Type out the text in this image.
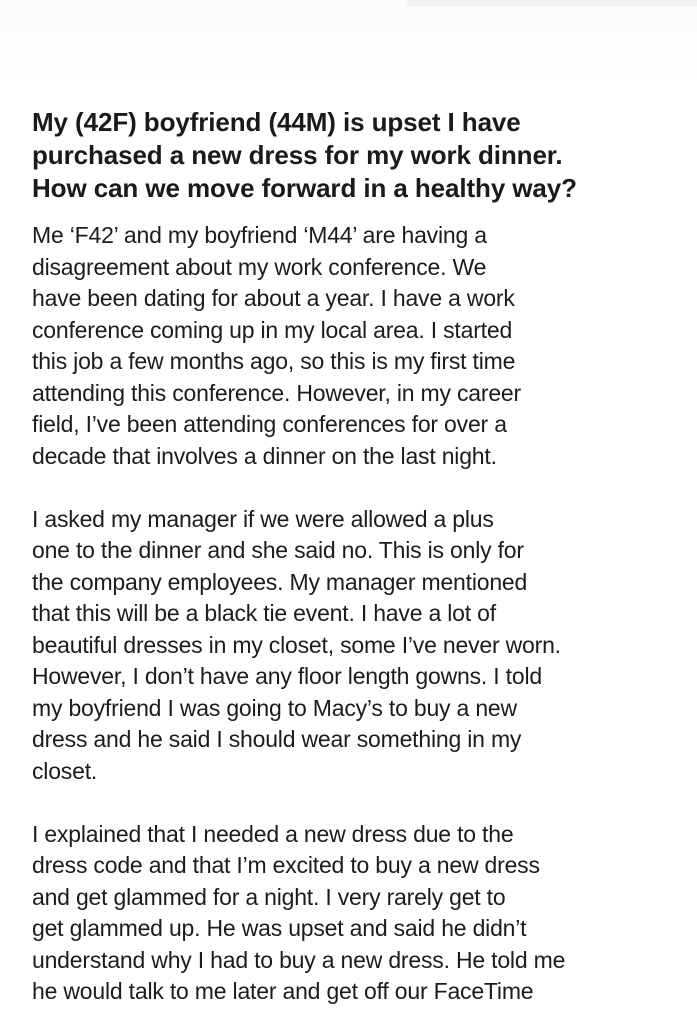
My (42F) boyfriend (44M) is upset I have
purchased a new dress for my work dinner.
How can we move forward in a healthy way?

Me ‘F42’ and my boyfriend ‘M44’ are having a
disagreement about my work conference. We
have been dating for about a year. I have a work
conference coming up in my local area. I started
this job a few months ago, so this is my first time
attending this conference. However, in my career
field, I’ve been attending conferences for over a
decade that involves a dinner on the last night.

I asked my manager if we were allowed a plus
one to the dinner and she said no. This is only for
the company employees. My manager mentioned
that this will be a black tie event. I have a lot of
beautiful dresses in my closet, some I’ve never worn.
However, I don’t have any floor length gowns. I told
my boyfriend I was going to Macy’s to buy a new
dress and he said I should wear something in my
closet.

I explained that I needed a new dress due to the
dress code and that I’m excited to buy a new dress
and get glammed for a night. I very rarely get to
get glammed up. He was upset and said he didn’t
understand why I had to buy a new dress. He told me
he would talk to me later and get off our FaceTime
